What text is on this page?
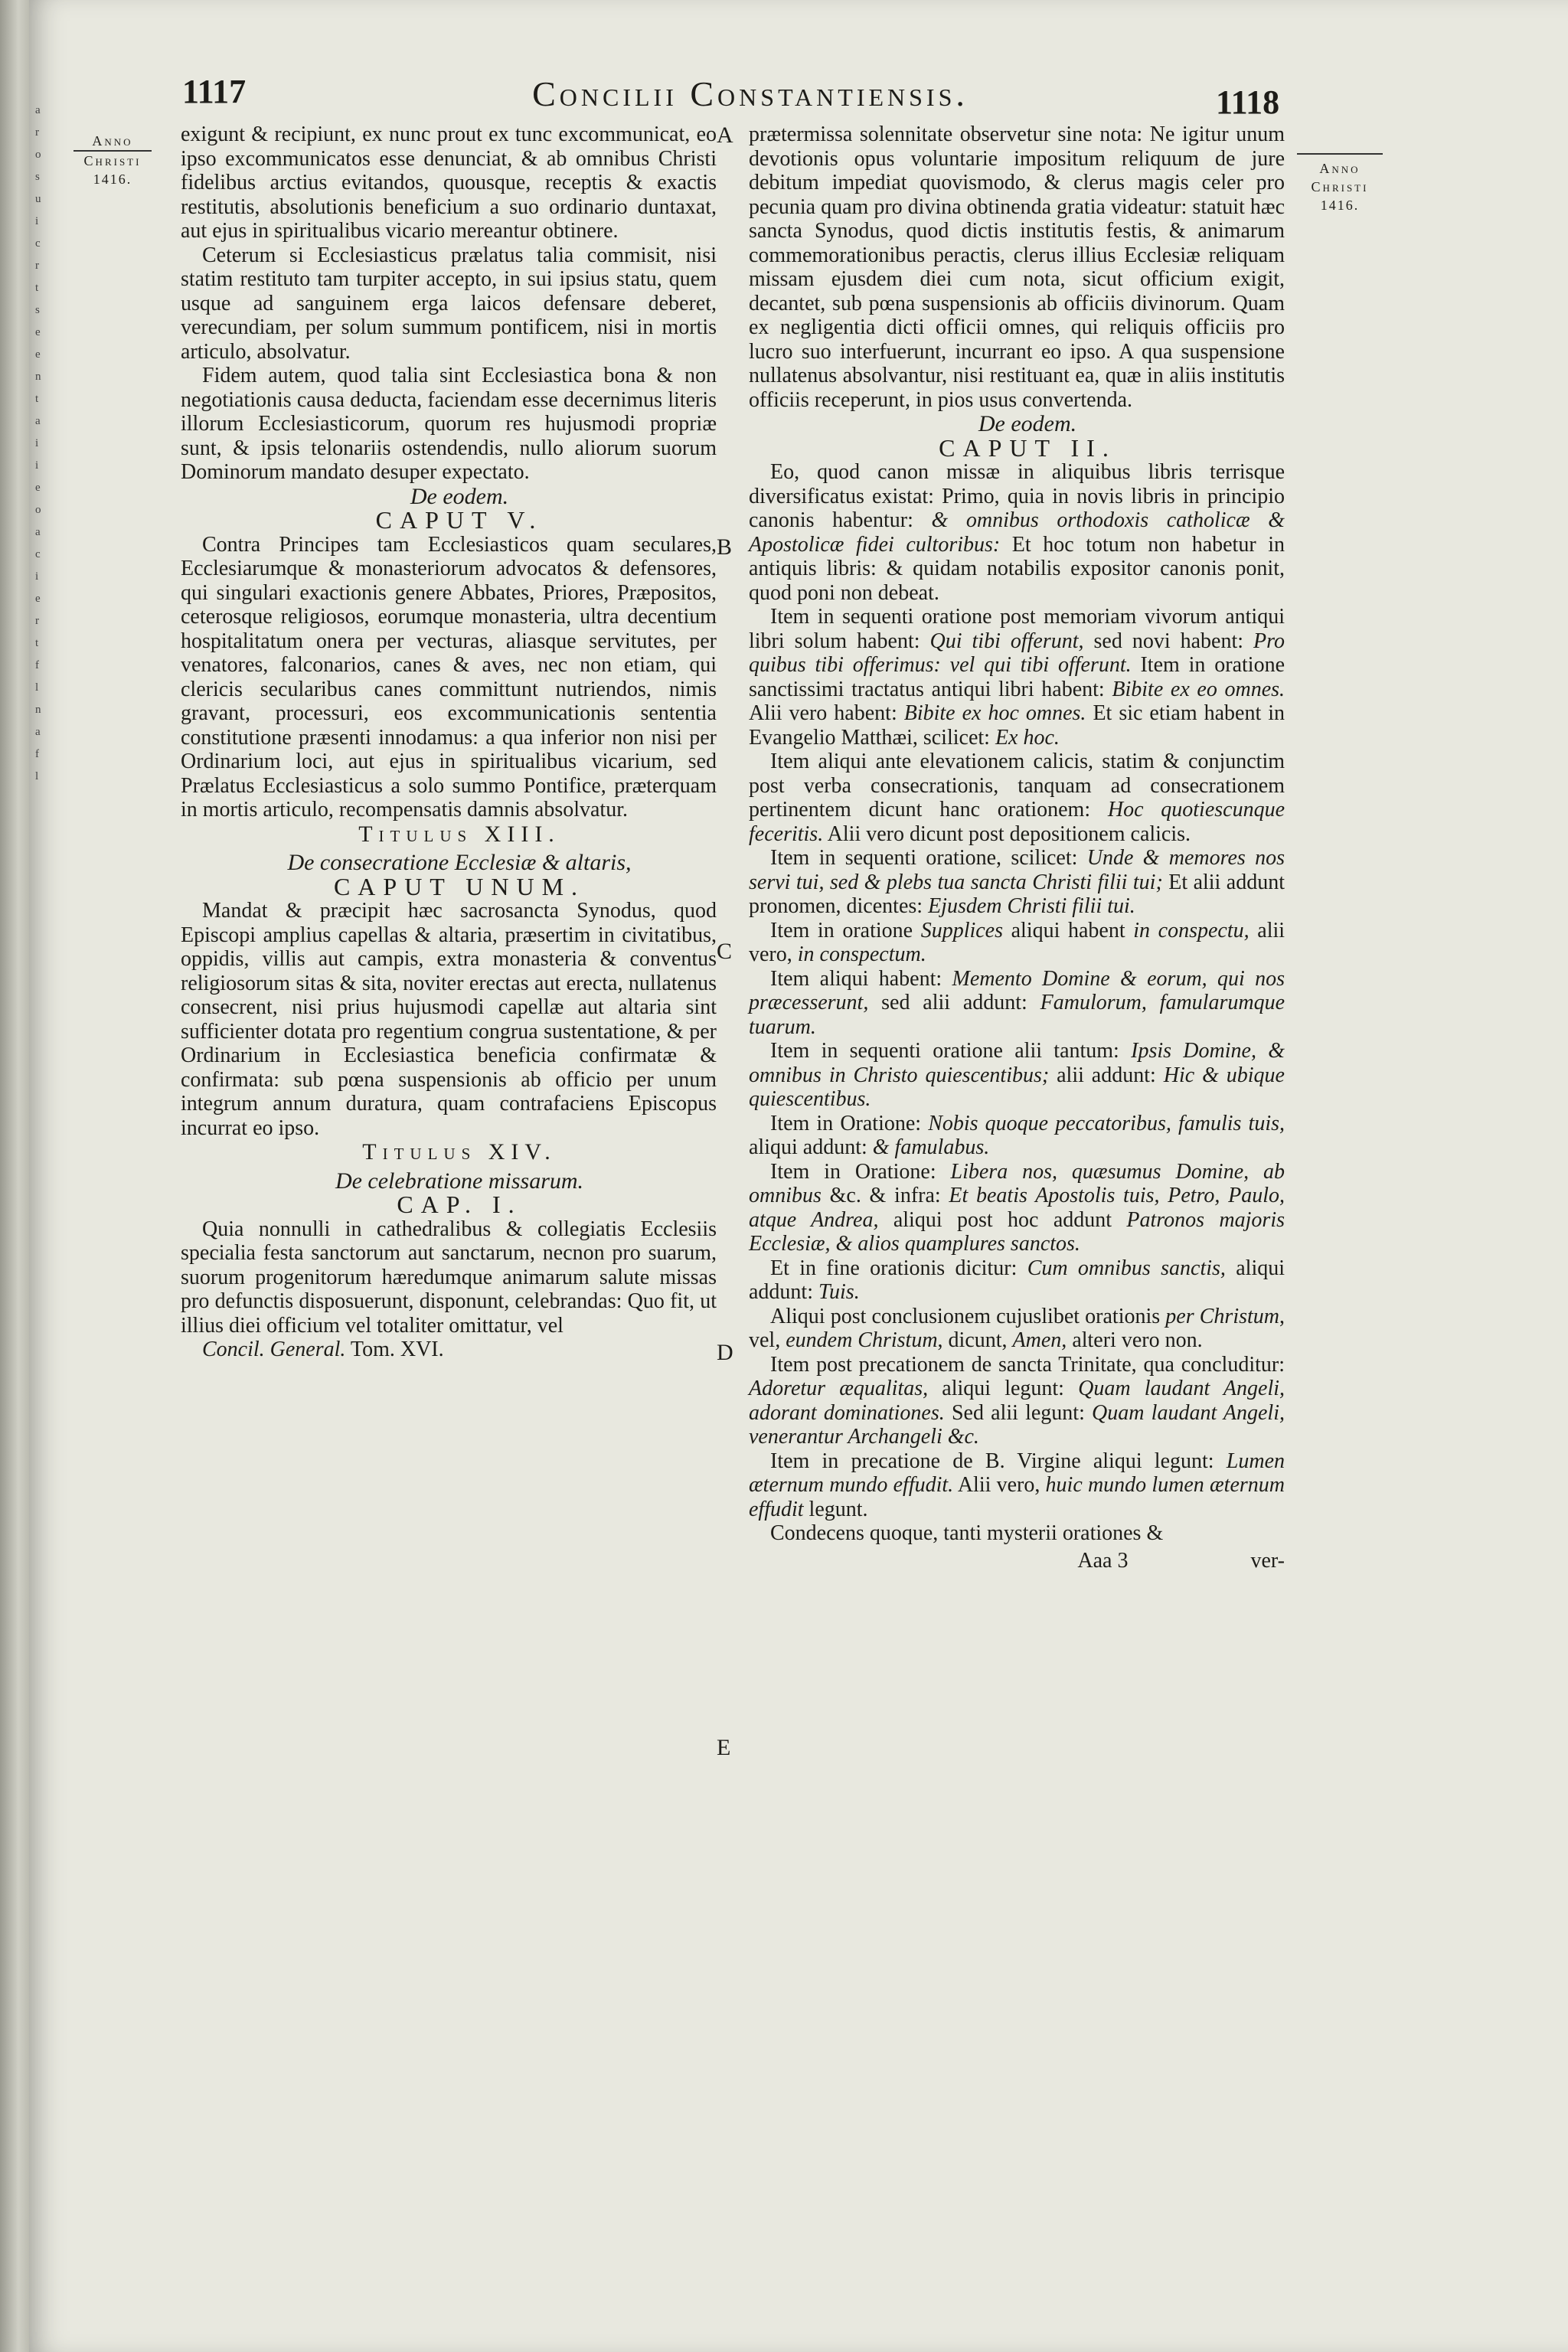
a
r
o
s
u
i
c
r
t
s
e
e
n
t
a
i
i
e
o
a
c
i
e
r
t
f
l
n
a
f
l
1117	Concilii Constantiensis.	1118
Anno
Christi
1416.
Anno
Christi
1416.
A
B
C
D
E

exigunt & recipiunt, ex nunc prout ex tunc excommunicat, eo ipso excommunicatos esse denunciat, & ab omnibus Christi fidelibus arctius evitandos, quousque, receptis & exactis restitutis, absolutionis beneficium a suo ordinario duntaxat, aut ejus in spiritualibus vicario mereantur obtinere.

Ceterum si Ecclesiasticus prælatus talia commisit, nisi statim restituto tam turpiter accepto, in sui ipsius statu, quem usque ad sanguinem erga laicos defensare deberet, verecundiam, per solum summum pontificem, nisi in mortis articulo, absolvatur.

Fidem autem, quod talia sint Ecclesiastica bona & non negotiationis causa deducta, faciendam esse decernimus literis illorum Ecclesiasticorum, quorum res hujusmodi propriæ sunt, & ipsis telonariis ostendendis, nullo aliorum suorum Dominorum mandato desuper expectato.

De eodem.

CAPUT V.

Contra Principes tam Ecclesiasticos quam seculares, Ecclesiarumque & monasteriorum advocatos & defensores, qui singulari exactionis genere Abbates, Priores, Præpositos, ceterosque religiosos, eorumque monasteria, ultra decentium hospitalitatum onera per vecturas, aliasque servitutes, per venatores, falconarios, canes & aves, nec non etiam, qui clericis secularibus canes committunt nutriendos, nimis gravant, processuri, eos excommunicationis sententia constitutione præsenti innodamus: a qua inferior non nisi per Ordinarium loci, aut ejus in spiritualibus vicarium, sed Prælatus Ecclesiasticus a solo summo Pontifice, præterquam in mortis articulo, recompensatis damnis absolvatur.

Titulus XIII.

De consecratione Ecclesiæ & altaris,

CAPUT UNUM.

Mandat & præcipit hæc sacrosancta Synodus, quod Episcopi amplius capellas & altaria, præsertim in civitatibus, oppidis, villis aut campis, extra monasteria & conventus religiosorum sitas & sita, noviter erectas aut erecta, nullatenus consecrent, nisi prius hujusmodi capellæ aut altaria sint sufficienter dotata pro regentium congrua sustentatione, & per Ordinarium in Ecclesiastica beneficia confirmatæ & confirmata: sub pœna suspensionis ab officio per unum integrum annum duratura, quam contrafaciens Episcopus incurrat eo ipso.

Titulus XIV.

De celebratione missarum.

CAP. I.

Quia nonnulli in cathedralibus & collegiatis Ecclesiis specialia festa sanctorum aut sanctarum, necnon pro suarum, suorum progenitorum hæredumque animarum salute missas pro defunctis disposuerunt, disponunt, celebrandas: Quo fit, ut illius diei officium vel totaliter omittatur, vel

Concil. General. Tom. XVI.

prætermissa solennitate observetur sine nota: Ne igitur unum devotionis opus voluntarie impositum reliquum de jure debitum impediat quovismodo, & clerus magis celer pro pecunia quam pro divina obtinenda gratia videatur: statuit hæc sancta Synodus, quod dictis institutis festis, & animarum commemorationibus peractis, clerus illius Ecclesiæ reliquam missam ejusdem diei cum nota, sicut officium exigit, decantet, sub pœna suspensionis ab officiis divinorum. Quam ex negligentia dicti officii omnes, qui reliquis officiis pro lucro suo interfuerunt, incurrant eo ipso. A qua suspensione nullatenus absolvantur, nisi restituant ea, quæ in aliis institutis officiis receperunt, in pios usus convertenda.

De eodem.

CAPUT II.

Eo, quod canon missæ in aliquibus libris terrisque diversificatus existat: Primo, quia in novis libris in principio canonis habentur: & omnibus orthodoxis catholicæ & Apostolicæ fidei cultoribus: Et hoc totum non habetur in antiquis libris: & quidam notabilis expositor canonis ponit, quod poni non debeat.

Item in sequenti oratione post memoriam vivorum antiqui libri solum habent: Qui tibi offerunt, sed novi habent: Pro quibus tibi offerimus: vel qui tibi offerunt. Item in oratione sanctissimi tractatus antiqui libri habent: Bibite ex eo omnes. Alii vero habent: Bibite ex hoc omnes. Et sic etiam habent in Evangelio Matthæi, scilicet: Ex hoc.

Item aliqui ante elevationem calicis, statim & conjunctim post verba consecrationis, tanquam ad consecrationem pertinentem dicunt hanc orationem: Hoc quotiescunque feceritis. Alii vero dicunt post depositionem calicis.

Item in sequenti oratione, scilicet: Unde & memores nos servi tui, sed & plebs tua sancta Christi filii tui; Et alii addunt pronomen, dicentes: Ejusdem Christi filii tui.

Item in oratione Supplices aliqui habent in conspectu, alii vero, in conspectum.

Item aliqui habent: Memento Domine & eorum, qui nos præcesserunt, sed alii addunt: Famulorum, famularumque tuarum.

Item in sequenti oratione alii tantum: Ipsis Domine, & omnibus in Christo quiescentibus; alii addunt: Hic & ubique quiescentibus.

Item in Oratione: Nobis quoque peccatoribus, famulis tuis, aliqui addunt: & famulabus.

Item in Oratione: Libera nos, quæsumus Domine, ab omnibus &c. & infra: Et beatis Apostolis tuis, Petro, Paulo, atque Andrea, aliqui post hoc addunt Patronos majoris Ecclesiæ, & alios quamplures sanctos.

Et in fine orationis dicitur: Cum omnibus sanctis, aliqui addunt: Tuis.

Aliqui post conclusionem cujuslibet orationis per Christum, vel, eundem Christum, dicunt, Amen, alteri vero non.

Item post precationem de sancta Trinitate, qua concluditur: Adoretur æqualitas, aliqui legunt: Quam laudant Angeli, adorant dominationes. Sed alii legunt: Quam laudant Angeli, venerantur Archangeli &c.

Item in precatione de B. Virgine aliqui legunt: Lumen æternum mundo effudit. Alii vero, huic mundo lumen æternum effudit legunt.

Condecens quoque, tanti mysterii orationes &

Aaa 3	ver-
